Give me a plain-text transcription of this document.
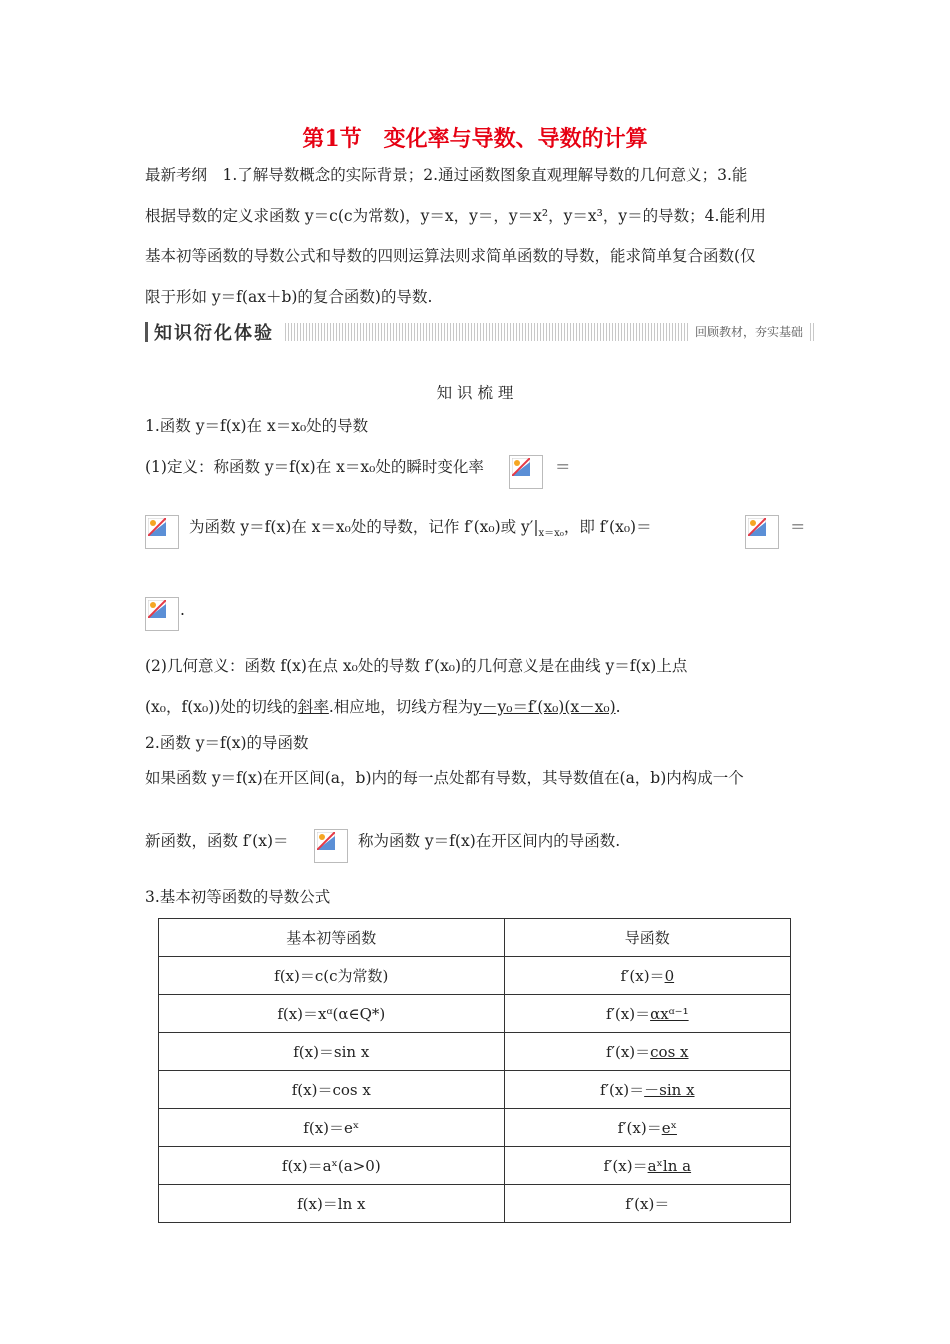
第1节　变化率与导数、导数的计算
最新考纲　1.了解导数概念的实际背景；2.通过函数图象直观理解导数的几何意义；3.能
根据导数的定义求函数 y＝c(c为常数)，y＝x，y＝，y＝x²，y＝x³，y＝的导数；4.能利用
基本初等函数的导数公式和导数的四则运算法则求简单函数的导数，能求简单复合函数(仅
限于形如 y＝f(ax＋b)的复合函数)的导数.
知识衍化体验	回顾教材，夯实基础
知 识 梳 理
1.函数 y＝f(x)在 x＝x₀处的导数
(1)定义：称函数 y＝f(x)在 x＝x₀处的瞬时变化率	＝
为函数 y＝f(x)在 x＝x₀处的导数，记作 f′(x₀)或 $y'|_{x=x_0}$，即 f′(x₀)＝	＝
.
(2)几何意义：函数 f(x)在点 x₀处的导数 f′(x₀)的几何意义是在曲线 y＝f(x)上点
(x₀，f(x₀))处的切线的斜率.相应地，切线方程为y－y₀＝f′(x₀)(x－x₀).
2.函数 y＝f(x)的导函数
如果函数 y＝f(x)在开区间(a，b)内的每一点处都有导数，其导数值在(a，b)内构成一个
新函数，函数 f′(x)＝	称为函数 y＝f(x)在开区间内的导函数.
3.基本初等函数的导数公式
基本初等函数	导函数
f(x)＝c(c为常数)	f′(x)＝0
f(x)＝xᵅ(α∈Q*)	f′(x)＝αxᵅ⁻¹
f(x)＝sin x	f′(x)＝cos x
f(x)＝cos x	f′(x)＝－sin x
f(x)＝eˣ	f′(x)＝eˣ
f(x)＝aˣ(a>0)	f′(x)＝aˣln a
f(x)＝ln x	f′(x)＝
